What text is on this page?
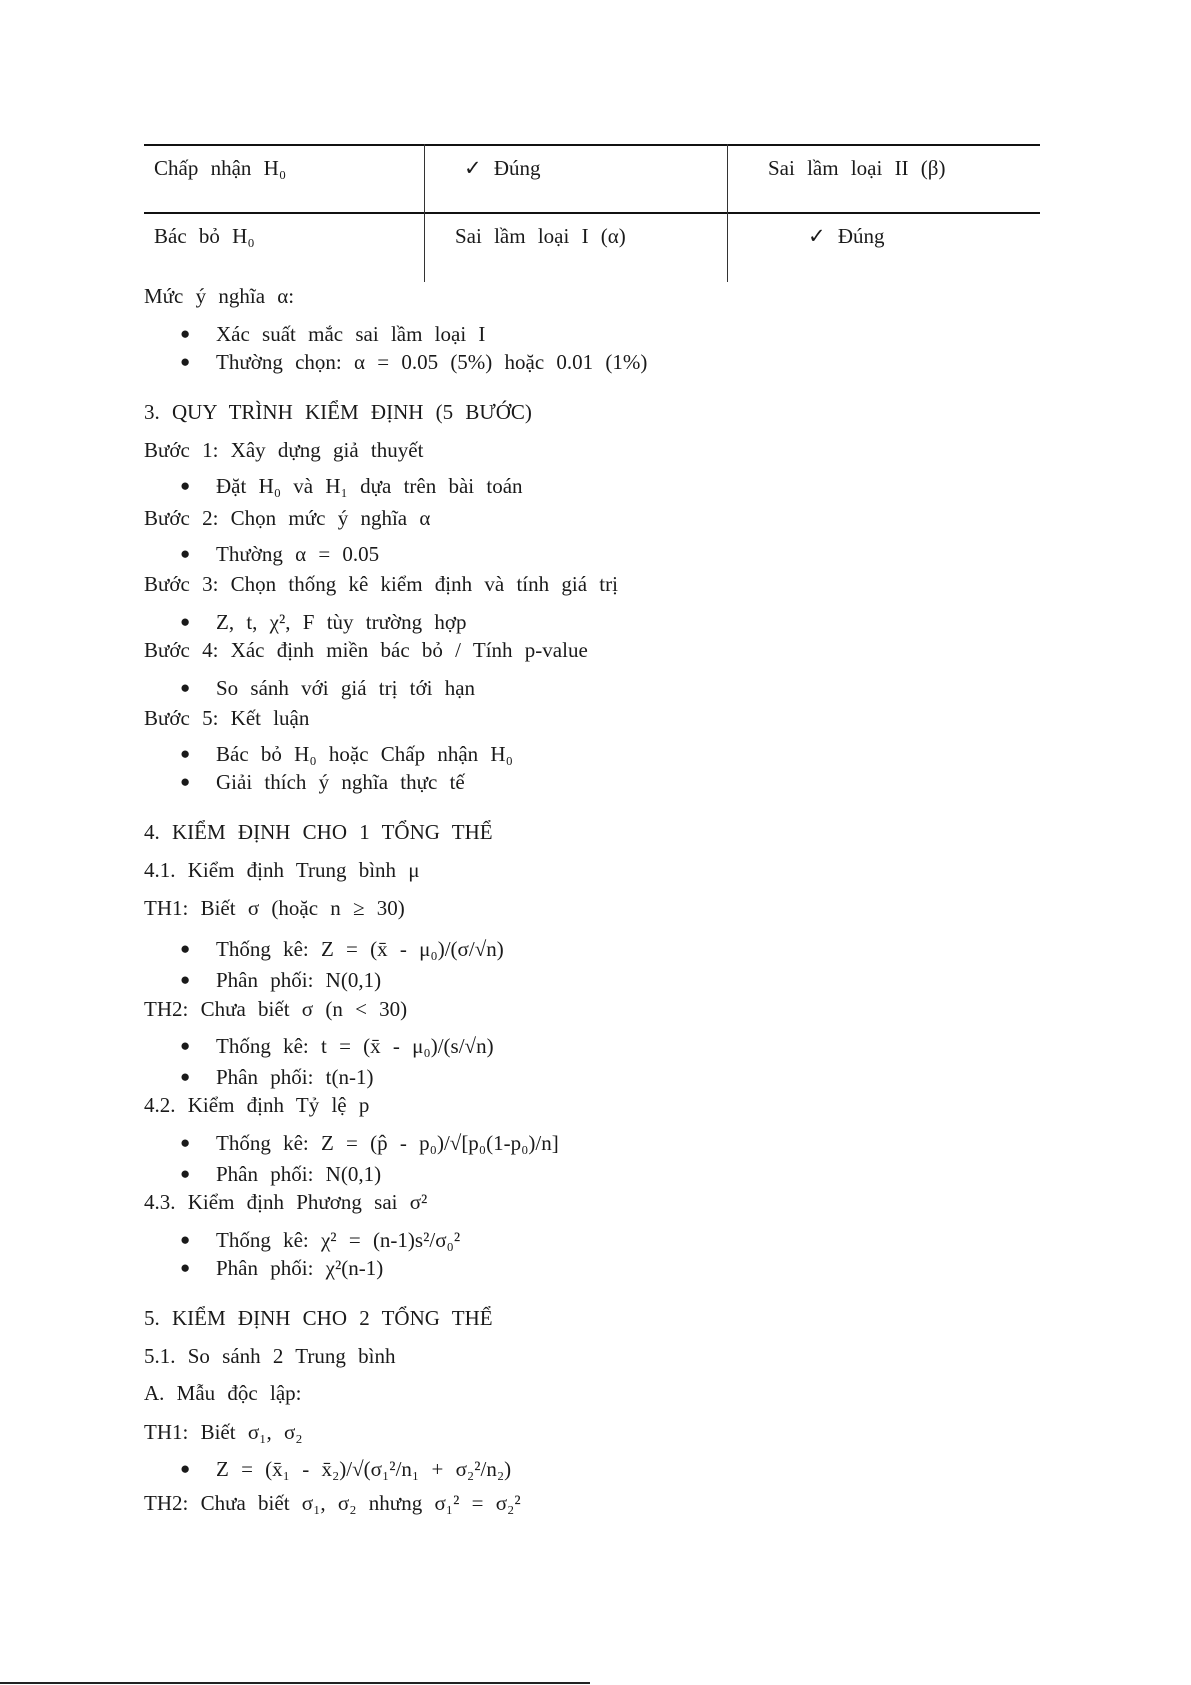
Chấp nhận H₀	✓ Đúng	Sai lầm loại II (β)
Bác bỏ H₀	Sai lầm loại I (α)	✓ Đúng
Mức ý nghĩa α:
● Xác suất mắc sai lầm loại I
● Thường chọn: α = 0.05 (5%) hoặc 0.01 (1%)
3. QUY TRÌNH KIỂM ĐỊNH (5 BƯỚC)
Bước 1: Xây dựng giả thuyết
● Đặt H₀ và H₁ dựa trên bài toán
Bước 2: Chọn mức ý nghĩa α
● Thường α = 0.05
Bước 3: Chọn thống kê kiểm định và tính giá trị
● Z, t, χ², F tùy trường hợp
Bước 4: Xác định miền bác bỏ / Tính p-value
● So sánh với giá trị tới hạn
Bước 5: Kết luận
● Bác bỏ H₀ hoặc Chấp nhận H₀
● Giải thích ý nghĩa thực tế
4. KIỂM ĐỊNH CHO 1 TỔNG THỂ
4.1. Kiểm định Trung bình μ
TH1: Biết σ (hoặc n ≥ 30)
● Thống kê: Z = (x̄ - μ₀)/(σ/√n)
● Phân phối: N(0,1)
TH2: Chưa biết σ (n < 30)
● Thống kê: t = (x̄ - μ₀)/(s/√n)
● Phân phối: t(n-1)
4.2. Kiểm định Tỷ lệ p
● Thống kê: Z = (p̂ - p₀)/√[p₀(1-p₀)/n]
● Phân phối: N(0,1)
4.3. Kiểm định Phương sai σ²
● Thống kê: χ² = (n-1)s²/σ₀²
● Phân phối: χ²(n-1)
5. KIỂM ĐỊNH CHO 2 TỔNG THỂ
5.1. So sánh 2 Trung bình
A. Mẫu độc lập:
TH1: Biết σ₁, σ₂
● Z = (x̄₁ - x̄₂)/√(σ₁²/n₁ + σ₂²/n₂)
TH2: Chưa biết σ₁, σ₂ nhưng σ₁² = σ₂²
